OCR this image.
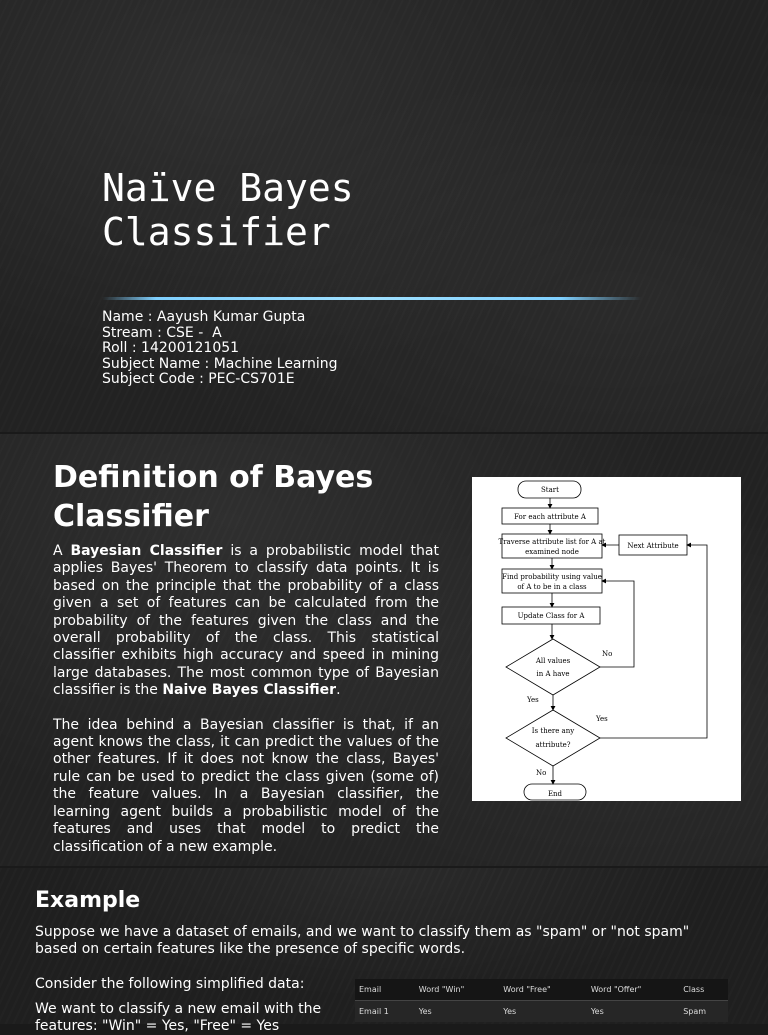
Naïve Bayes
Classifier
Name : Aayush Kumar Gupta
Stream : CSE -  A
Roll : 14200121051
Subject Name : Machine Learning
Subject Code : PEC-CS701E
Definition of Bayes Classifier

A Bayesian Classifier is a probabilistic model that applies Bayes' Theorem to classify data points. It is based on the principle that the probability of a class given a set of features can be calculated from the probability of the features given the class and the overall probability of the class. This statistical classifier exhibits high accuracy and speed in mining large databases. The most common type of Bayesian classifier is the Naive Bayes Classifier.

The idea behind a Bayesian classifier is that, if an agent knows the class, it can predict the values of the other features. If it does not know the class, Bayes' rule can be used to predict the class given (some of) the feature values. In a Bayesian classifier, the learning agent builds a probabilistic model of the features and uses that model to predict the classification of a new example.

Start
For each attribute A
Traverse attribute list for A at
examined node
Next Attribute
Find probability using value
of A to be in a class
Update Class for A
All values
in A have
No
Yes
Is there any
attribute?
Yes
No
End
Example
Suppose we have a dataset of emails, and we want to classify them as "spam" or "not spam" based on certain features like the presence of specific words.
Consider the following simplified data:
We want to classify a new email with the features: "Win" = Yes, "Free" = Yes
Email	Word "Win"	Word "Free"	Word "Offer"	Class
Email 1	Yes	Yes	Yes	Spam
